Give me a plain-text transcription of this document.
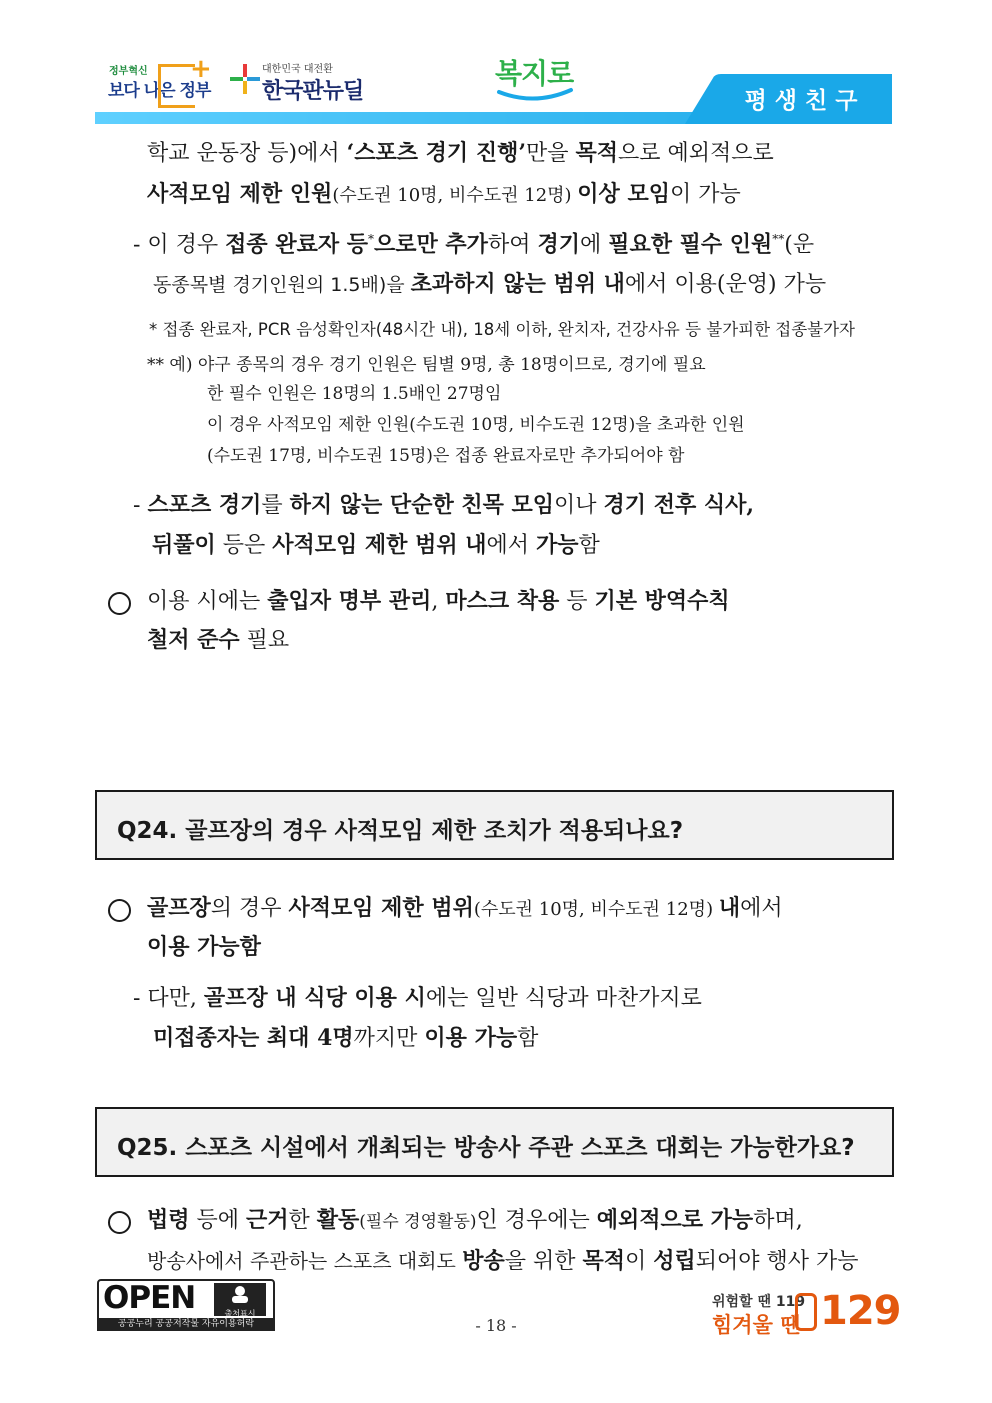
정부혁신
보다 나은 정부
+	대한민국 대전환
한국판뉴딜
복지로
평생친구
학교 운동장 등)에서 ‘스포츠 경기 진행’만을 목적으로 예외적으로
사적모임 제한 인원(수도권 10명, 비수도권 12명) 이상 모임이 가능
- 이 경우 접종 완료자 등*으로만 추가하여 경기에 필요한 필수 인원**(운
동종목별 경기인원의 1.5배)을 초과하지 않는 범위 내에서 이용(운영) 가능
* 접종 완료자, PCR 음성확인자(48시간 내), 18세 이하, 완치자, 건강사유 등 불가피한 접종불가자
** 예) 야구 종목의 경우 경기 인원은 팀별 9명, 총 18명이므로, 경기에 필요
한 필수 인원은 18명의 1.5배인 27명임
이 경우 사적모임 제한 인원(수도권 10명, 비수도권 12명)을 초과한 인원
(수도권 17명, 비수도권 15명)은 접종 완료자로만 추가되어야 함
- 스포츠 경기를 하지 않는 단순한 친목 모임이나 경기 전후 식사,
뒤풀이 등은 사적모임 제한 범위 내에서 가능함
이용 시에는 출입자 명부 관리, 마스크 착용 등 기본 방역수칙
철저 준수 필요
Q24. 골프장의 경우 사적모임 제한 조치가 적용되나요?
골프장의 경우 사적모임 제한 범위(수도권 10명, 비수도권 12명) 내에서
이용 가능함
- 다만, 골프장 내 식당 이용 시에는 일반 식당과 마찬가지로
미접종자는 최대 4명까지만 이용 가능함
Q25. 스포츠 시설에서 개최되는 방송사 주관 스포츠 대회는 가능한가요?
법령 등에 근거한 활동(필수 경영활동)인 경우에는 예외적으로 가능하며,
방송사에서 주관하는 스포츠 대회도 방송을 위한 목적이 성립되어야 행사 가능
OPEN	출처표시
공공누리 공공저작물 자유이용허락	- 18 -
위험할 땐 119
힘겨울 땐 129
